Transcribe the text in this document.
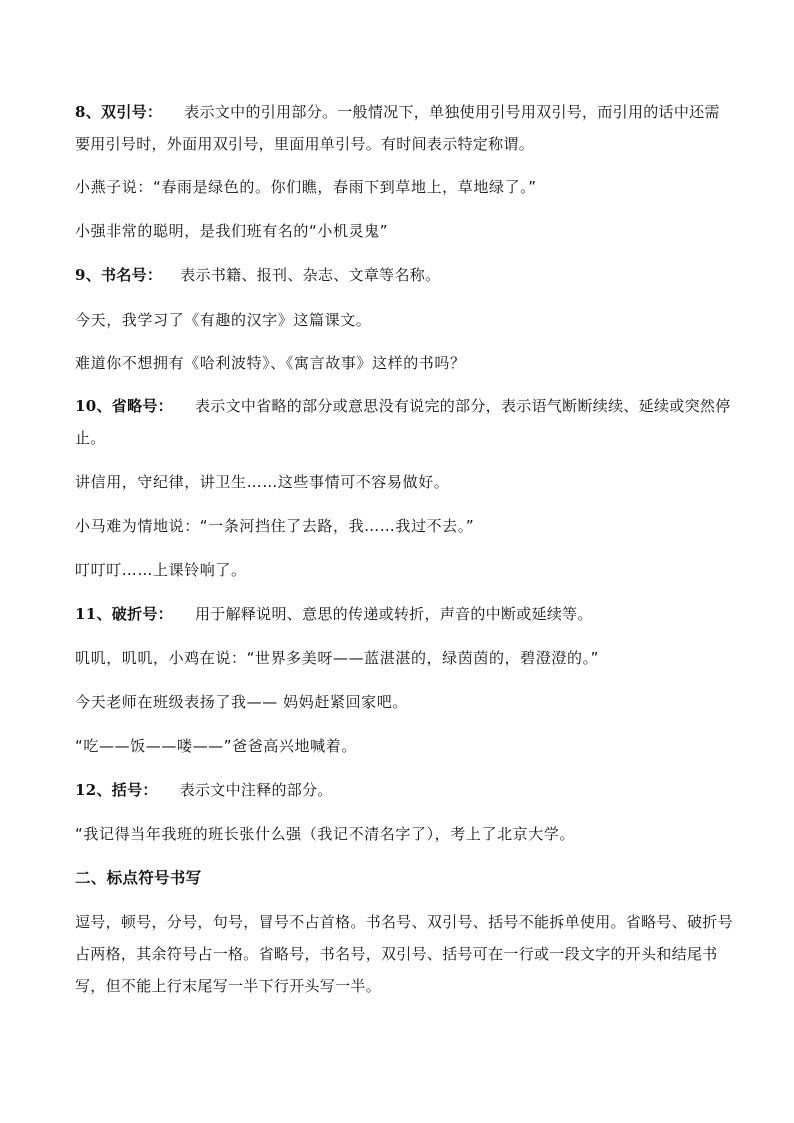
8、双引号： 表示文中的引用部分。一般情况下，单独使用引号用双引号，而引用的话中还需要用引号时，外面用双引号，里面用单引号。有时间表示特定称谓。
小燕子说：“春雨是绿色的。你们瞧，春雨下到草地上，草地绿了。”
小强非常的聪明，是我们班有名的“小机灵鬼”
9、书名号： 表示书籍、报刊、杂志、文章等名称。
今天，我学习了《有趣的汉字》这篇课文。
难道你不想拥有《哈利波特》、《寓言故事》这样的书吗？
10、省略号： 表示文中省略的部分或意思没有说完的部分，表示语气断断续续、延续或突然停止。
讲信用，守纪律，讲卫生……这些事情可不容易做好。
小马难为情地说：“一条河挡住了去路，我……我过不去。”
叮叮叮……上课铃响了。
11、破折号： 用于解释说明、意思的传递或转折，声音的中断或延续等。
叽叽，叽叽，小鸡在说：“世界多美呀——蓝湛湛的，绿茵茵的，碧澄澄的。”
今天老师在班级表扬了我—— 妈妈赶紧回家吧。
“吃——饭——喽——”爸爸高兴地喊着。
12、括号： 表示文中注释的部分。
“我记得当年我班的班长张什么强（我记不清名字了），考上了北京大学。
二、标点符号书写
逗号，顿号，分号，句号，冒号不占首格。书名号、双引号、括号不能拆单使用。省略号、破折号占两格，其余符号占一格。省略号，书名号，双引号、括号可在一行或一段文字的开头和结尾书写，但不能上行末尾写一半下行开头写一半。
